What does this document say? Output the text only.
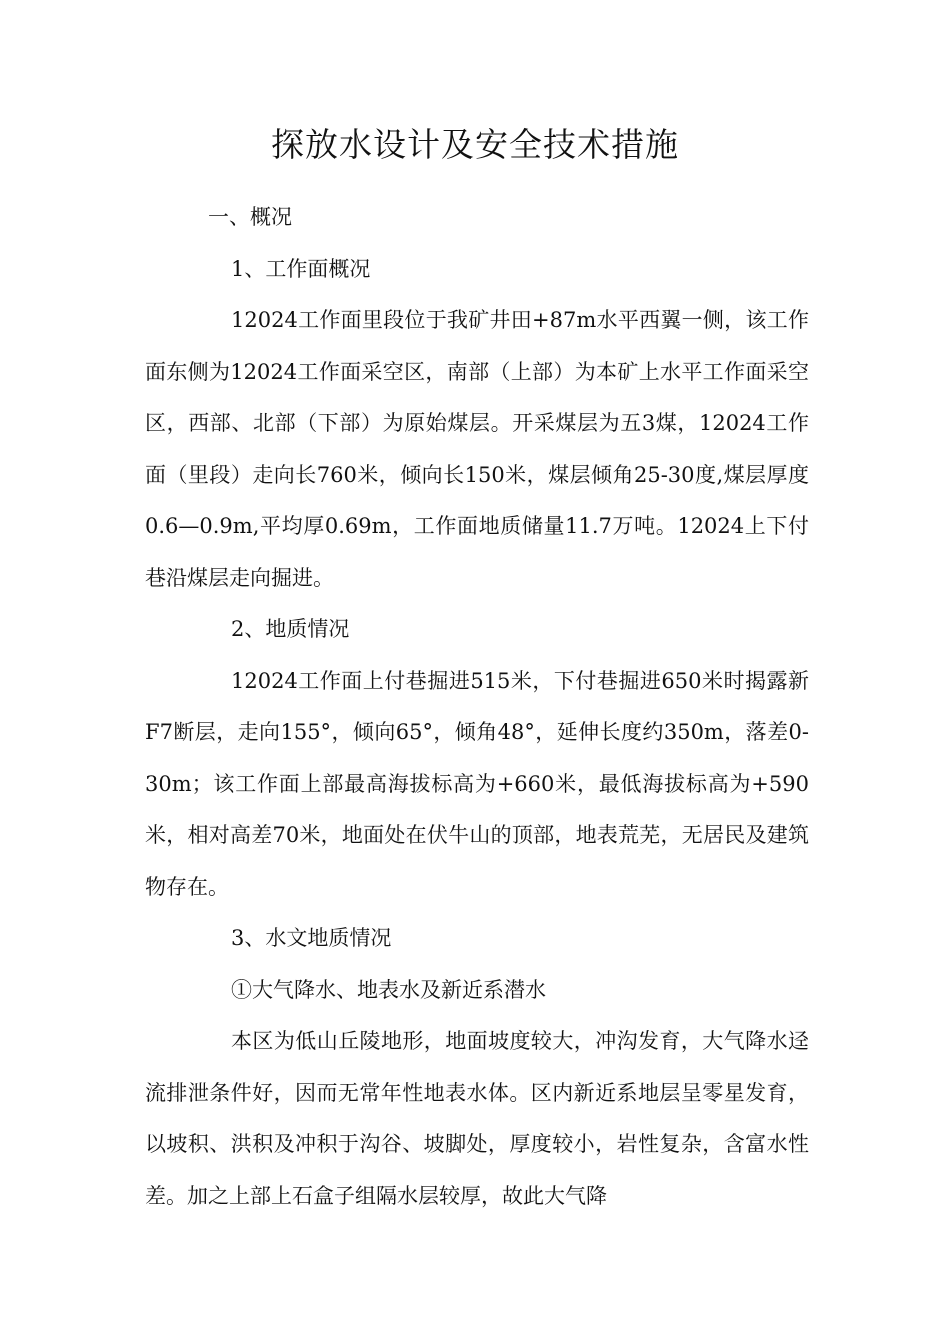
探放水设计及安全技术措施

一、概况

1、工作面概况

12024工作面里段位于我矿井田+87m水平西翼一侧，该工作面东侧为12024工作面采空区，南部（上部）为本矿上水平工作面采空区，西部、北部（下部）为原始煤层。开采煤层为五3煤，12024工作面（里段）走向长760米，倾向长150米，煤层倾角25-30度,煤层厚度0.6—0.9m,平均厚0.69m，工作面地质储量11.7万吨。12024上下付巷沿煤层走向掘进。

2、地质情况

12024工作面上付巷掘进515米，下付巷掘进650米时揭露新F7断层，走向155°，倾向65°，倾角48°，延伸长度约350m，落差0-30m；该工作面上部最高海拔标高为+660米，最低海拔标高为+590米，相对高差70米，地面处在伏牛山的顶部，地表荒芜，无居民及建筑物存在。

3、水文地质情况

①大气降水、地表水及新近系潜水

本区为低山丘陵地形，地面坡度较大，冲沟发育，大气降水迳流排泄条件好，因而无常年性地表水体。区内新近系地层呈零星发育，以坡积、洪积及冲积于沟谷、坡脚处，厚度较小，岩性复杂，含富水性差。加之上部上石盒子组隔水层较厚，故此大气降
